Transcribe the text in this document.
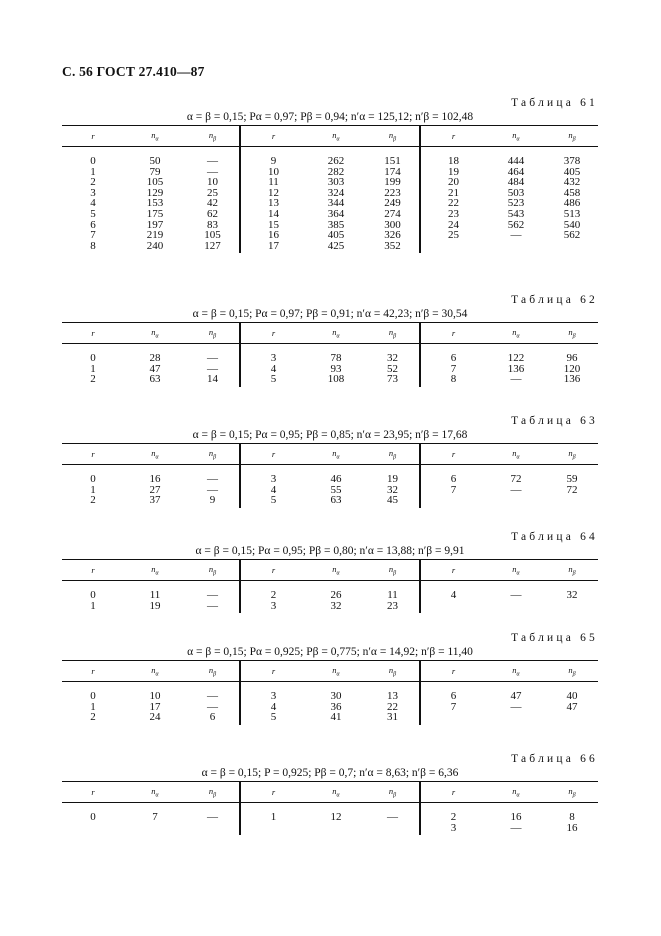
С. 56 ГОСТ 27.410—87
Таблица 61
α = β = 0,15; Pα = 0,97; Pβ = 0,94; n′α = 125,12; n′β = 102,48
r	$n_\alpha$	$n_\beta$	r	$n_\alpha$	$n_\beta$	r	$n_\alpha$	$n_\beta$

0	50	—	9	262	151	18	444	378
1	79	—	10	282	174	19	464	405
2	105	10	11	303	199	20	484	432
3	129	25	12	324	223	21	503	458
4	153	42	13	344	249	22	523	486
5	175	62	14	364	274	23	543	513
6	197	83	15	385	300	24	562	540
7	219	105	16	405	326	25	—	562
8	240	127	17	425	352			
Таблица 62
α = β = 0,15; Pα = 0,97; Pβ = 0,91; n′α = 42,23; n′β = 30,54
r	$n_\alpha$	$n_\beta$	r	$n_\alpha$	$n_\beta$	r	$n_\alpha$	$n_\beta$

0	28	—	3	78	32	6	122	96
1	47	—	4	93	52	7	136	120
2	63	14	5	108	73	8	—	136
Таблица 63
α = β = 0,15; Pα = 0,95; Pβ = 0,85; n′α = 23,95; n′β = 17,68
r	$n_\alpha$	$n_\beta$	r	$n_\alpha$	$n_\beta$	r	$n_\alpha$	$n_\beta$

0	16	—	3	46	19	6	72	59
1	27	—	4	55	32	7	—	72
2	37	9	5	63	45			
Таблица 64
α = β = 0,15; Pα = 0,95; Pβ = 0,80; n′α = 13,88; n′β = 9,91
r	$n_\alpha$	$n_\beta$	r	$n_\alpha$	$n_\beta$	r	$n_\alpha$	$n_\beta$

0	11	—	2	26	11	4	—	32
1	19	—	3	32	23			
Таблица 65
α = β = 0,15; Pα = 0,925; Pβ = 0,775; n′α = 14,92; n′β = 11,40
r	$n_\alpha$	$n_\beta$	r	$n_\alpha$	$n_\beta$	r	$n_\alpha$	$n_\beta$

0	10	—	3	30	13	6	47	40
1	17	—	4	36	22	7	—	47
2	24	6	5	41	31			
Таблица 66
α = β = 0,15; P = 0,925; Pβ = 0,7; n′α = 8,63; n′β = 6,36
r	$n_\alpha$	$n_\beta$	r	$n_\alpha$	$n_\beta$	r	$n_\alpha$	$n_\beta$

0	7	—	1	12	—	2	16	8
						3	—	16
